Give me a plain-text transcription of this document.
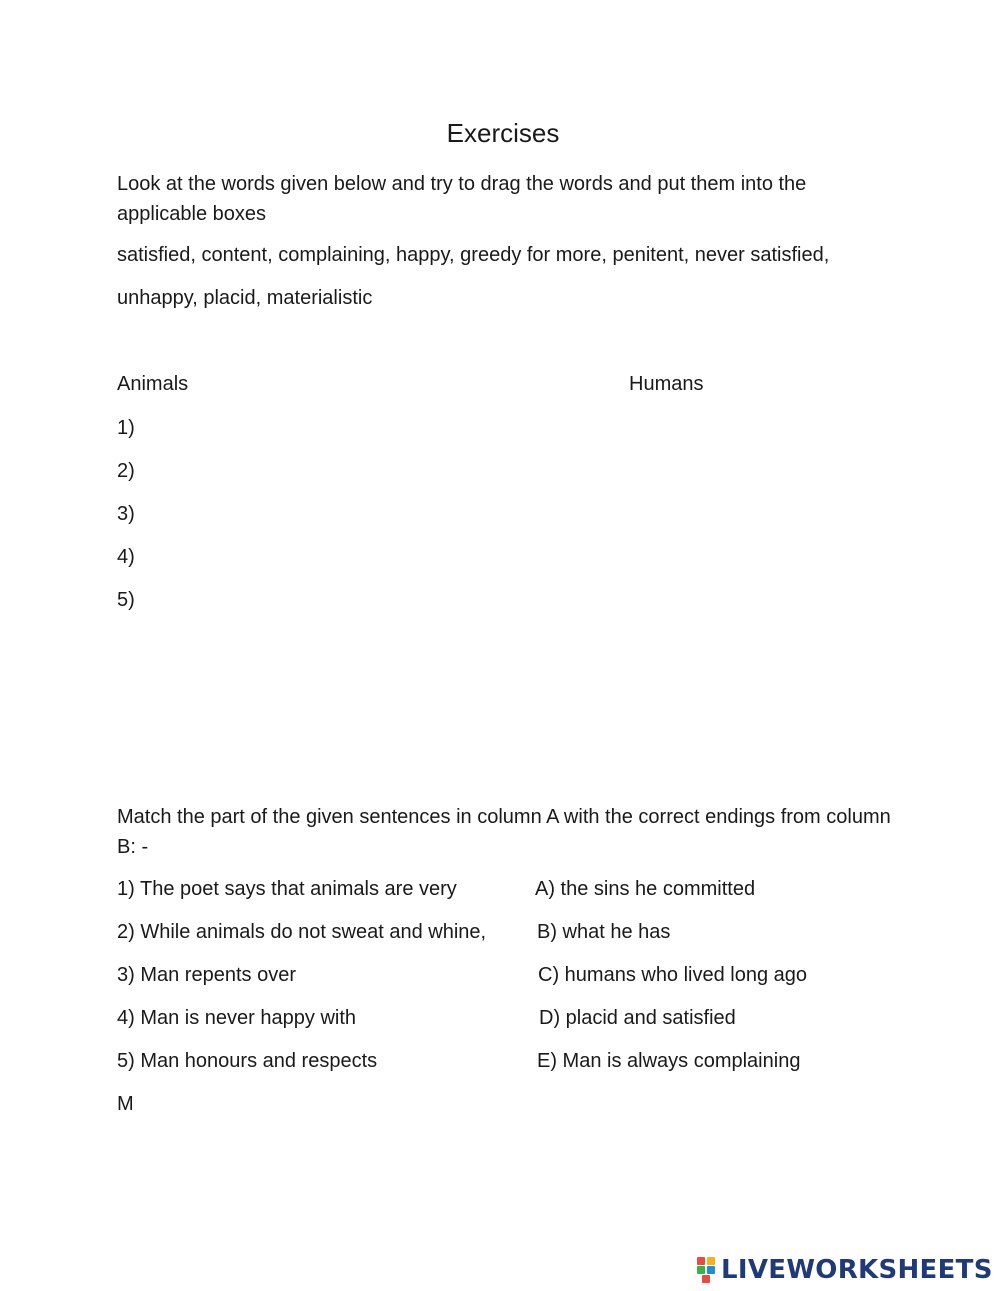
Exercises
Look at the words given below and try to drag the words and put them into the applicable boxes
satisfied, content, complaining, happy, greedy for more, penitent, never satisfied,
unhappy, placid, materialistic
Animals	Humans
1)
2)
3)
4)
5)
Match the part of the given sentences in column A with the correct endings from column B: -
1) The poet says that animals are very
2) While animals do not sweat and whine,
3) Man repents over
4) Man is never happy with
5) Man honours and respects
A) the sins he committed
B) what he has
C) humans who lived long ago
D) placid and satisfied
E) Man is always complaining
M
LIVEWORKSHEETS
